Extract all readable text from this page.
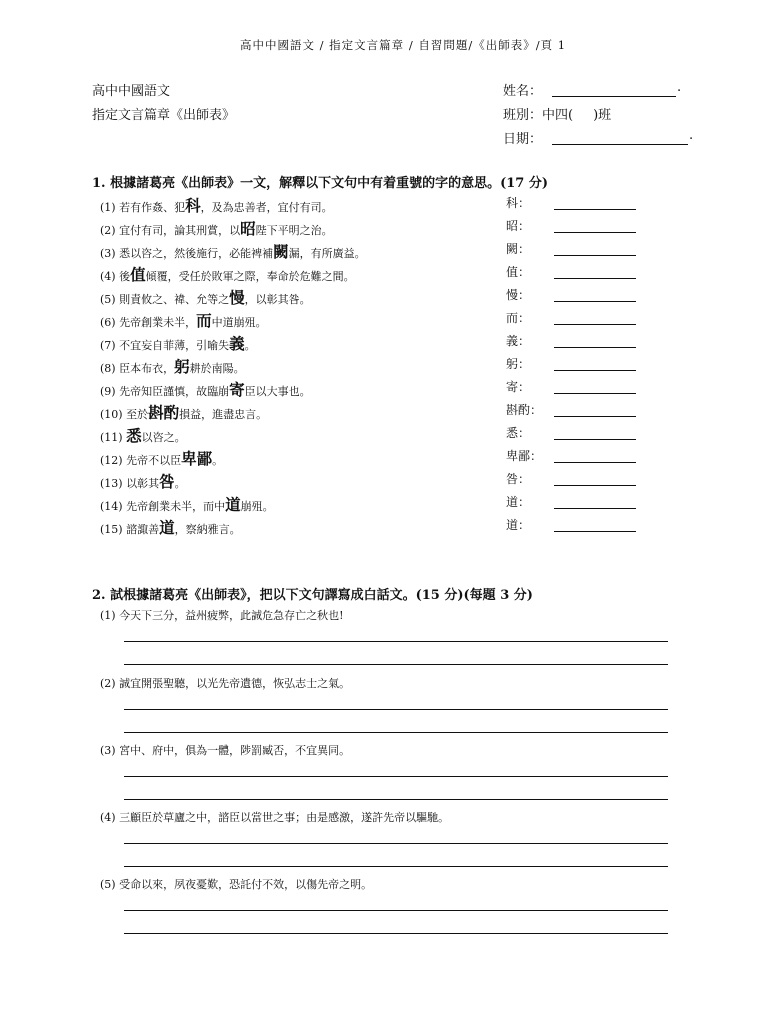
高中中國語文 / 指定文言篇章 / 自習問題/《出師表》/頁 1
高中中國語文
指定文言篇章《出師表》
姓名：	.
班別：中四( )班
日期：	.
1. 根據諸葛亮《出師表》一文，解釋以下文句中有着重號的字的意思。(17 分)
(1) 若有作姦、犯科，及為忠善者，宜付有司。	科：
(2) 宜付有司，論其刑賞，以昭陛下平明之治。	昭：
(3) 悉以咨之，然後施行，必能裨補闕漏，有所廣益。	闕：
(4) 後值傾覆，受任於敗軍之際，奉命於危難之間。	值：
(5) 則責攸之、褘、允等之慢，以彰其咎。	慢：
(6) 先帝創業未半，而中道崩殂。	而：
(7) 不宜妄自菲薄，引喻失義。	義：
(8) 臣本布衣，躬耕於南陽。	躬：
(9) 先帝知臣謹慎，故臨崩寄臣以大事也。	寄：
(10) 至於斟酌損益，進盡忠言。	斟酌：
(11) 悉以咨之。	悉：
(12) 先帝不以臣卑鄙。	卑鄙：
(13) 以彰其咎。	咎：
(14) 先帝創業未半，而中道崩殂。	道：
(15) 諮諏善道，察納雅言。	道：
2. 試根據諸葛亮《出師表》，把以下文句譯寫成白話文。(15 分)(每題 3 分)
(1) 今天下三分，益州疲弊，此誠危急存亡之秋也!
(2) 誠宜開張聖聽，以光先帝遺德，恢弘志士之氣。
(3) 宮中、府中，俱為一體，陟罰臧否，不宜異同。
(4) 三顧臣於草廬之中，諮臣以當世之事；由是感激，遂許先帝以驅馳。
(5) 受命以來，夙夜憂歎，恐託付不效，以傷先帝之明。
